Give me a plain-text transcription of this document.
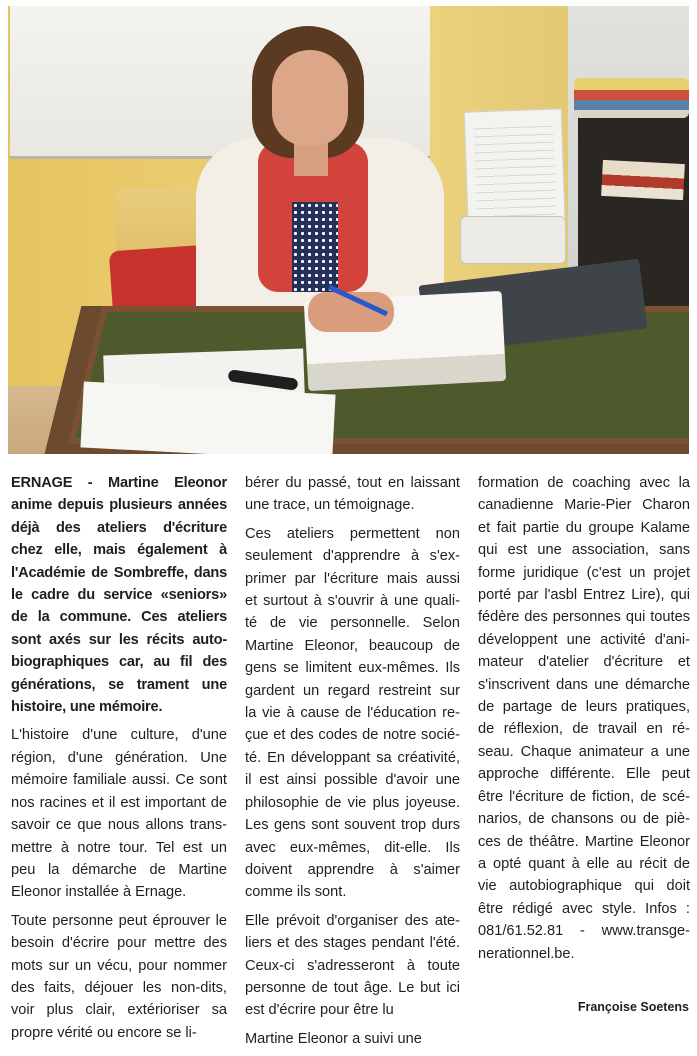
ERNAGE - Martine Eleonor
anime depuis plusieurs années
déjà des ateliers d'écriture
chez elle, mais également à
l'Académie de Sombreffe, dans
le cadre du service «seniors»
de la commune. Ces ateliers
sont axés sur les récits auto-
biographiques car, au fil des
générations, se trament une
histoire, une mémoire.

L'histoire d'une culture, d'une
région, d'une génération. Une
mémoire familiale aussi. Ce sont
nos racines et il est important de
savoir ce que nous allons trans-
mettre à notre tour. Tel est un
peu la démarche de Martine
Eleonor installée à Ernage.

Toute personne peut éprouver le
besoin d'écrire pour mettre des
mots sur un vécu, pour nommer
des faits, déjouer les non-dits,
voir plus clair, extérioriser sa
propre vérité ou encore se li-

bérer du passé, tout en laissant
une trace, un témoignage.

Ces ateliers permettent non
seulement d'apprendre à s'ex-
primer par l'écriture mais aussi
et surtout à s'ouvrir à une quali-
té de vie personnelle. Selon
Martine Eleonor, beaucoup de
gens se limitent eux-mêmes. Ils
gardent un regard restreint sur
la vie à cause de l'éducation re-
çue et des codes de notre socié-
té. En développant sa créativité,
il est ainsi possible d'avoir une
philosophie de vie plus joyeuse.
Les gens sont souvent trop durs
avec eux-mêmes, dit-elle. Ils
doivent apprendre à s'aimer
comme ils sont.

Elle prévoit d'organiser des ate-
liers et des stages pendant l'été.
Ceux-ci s'adresseront à toute
personne de tout âge. Le but ici
est d'écrire pour être lu

Martine Eleonor a suivi une

formation de coaching avec la
canadienne Marie-Pier Charon
et fait partie du groupe Kalame
qui est une association, sans
forme juridique (c'est un projet
porté par l'asbl Entrez Lire), qui
fédère des personnes qui toutes
développent une activité d'ani-
mateur d'atelier d'écriture et
s'inscrivent dans une démarche
de partage de leurs pratiques,
de réflexion, de travail en ré-
seau. Chaque animateur a une
approche différente. Elle peut
être l'écriture de fiction, de scé-
narios, de chansons ou de piè-
ces de théâtre. Martine Eleonor
a opté quant à elle au récit de
vie autobiographique qui doit
être rédigé avec style. Infos :
081/61.52.81 - www.transge-
nerationnel.be.

Françoise Soetens
